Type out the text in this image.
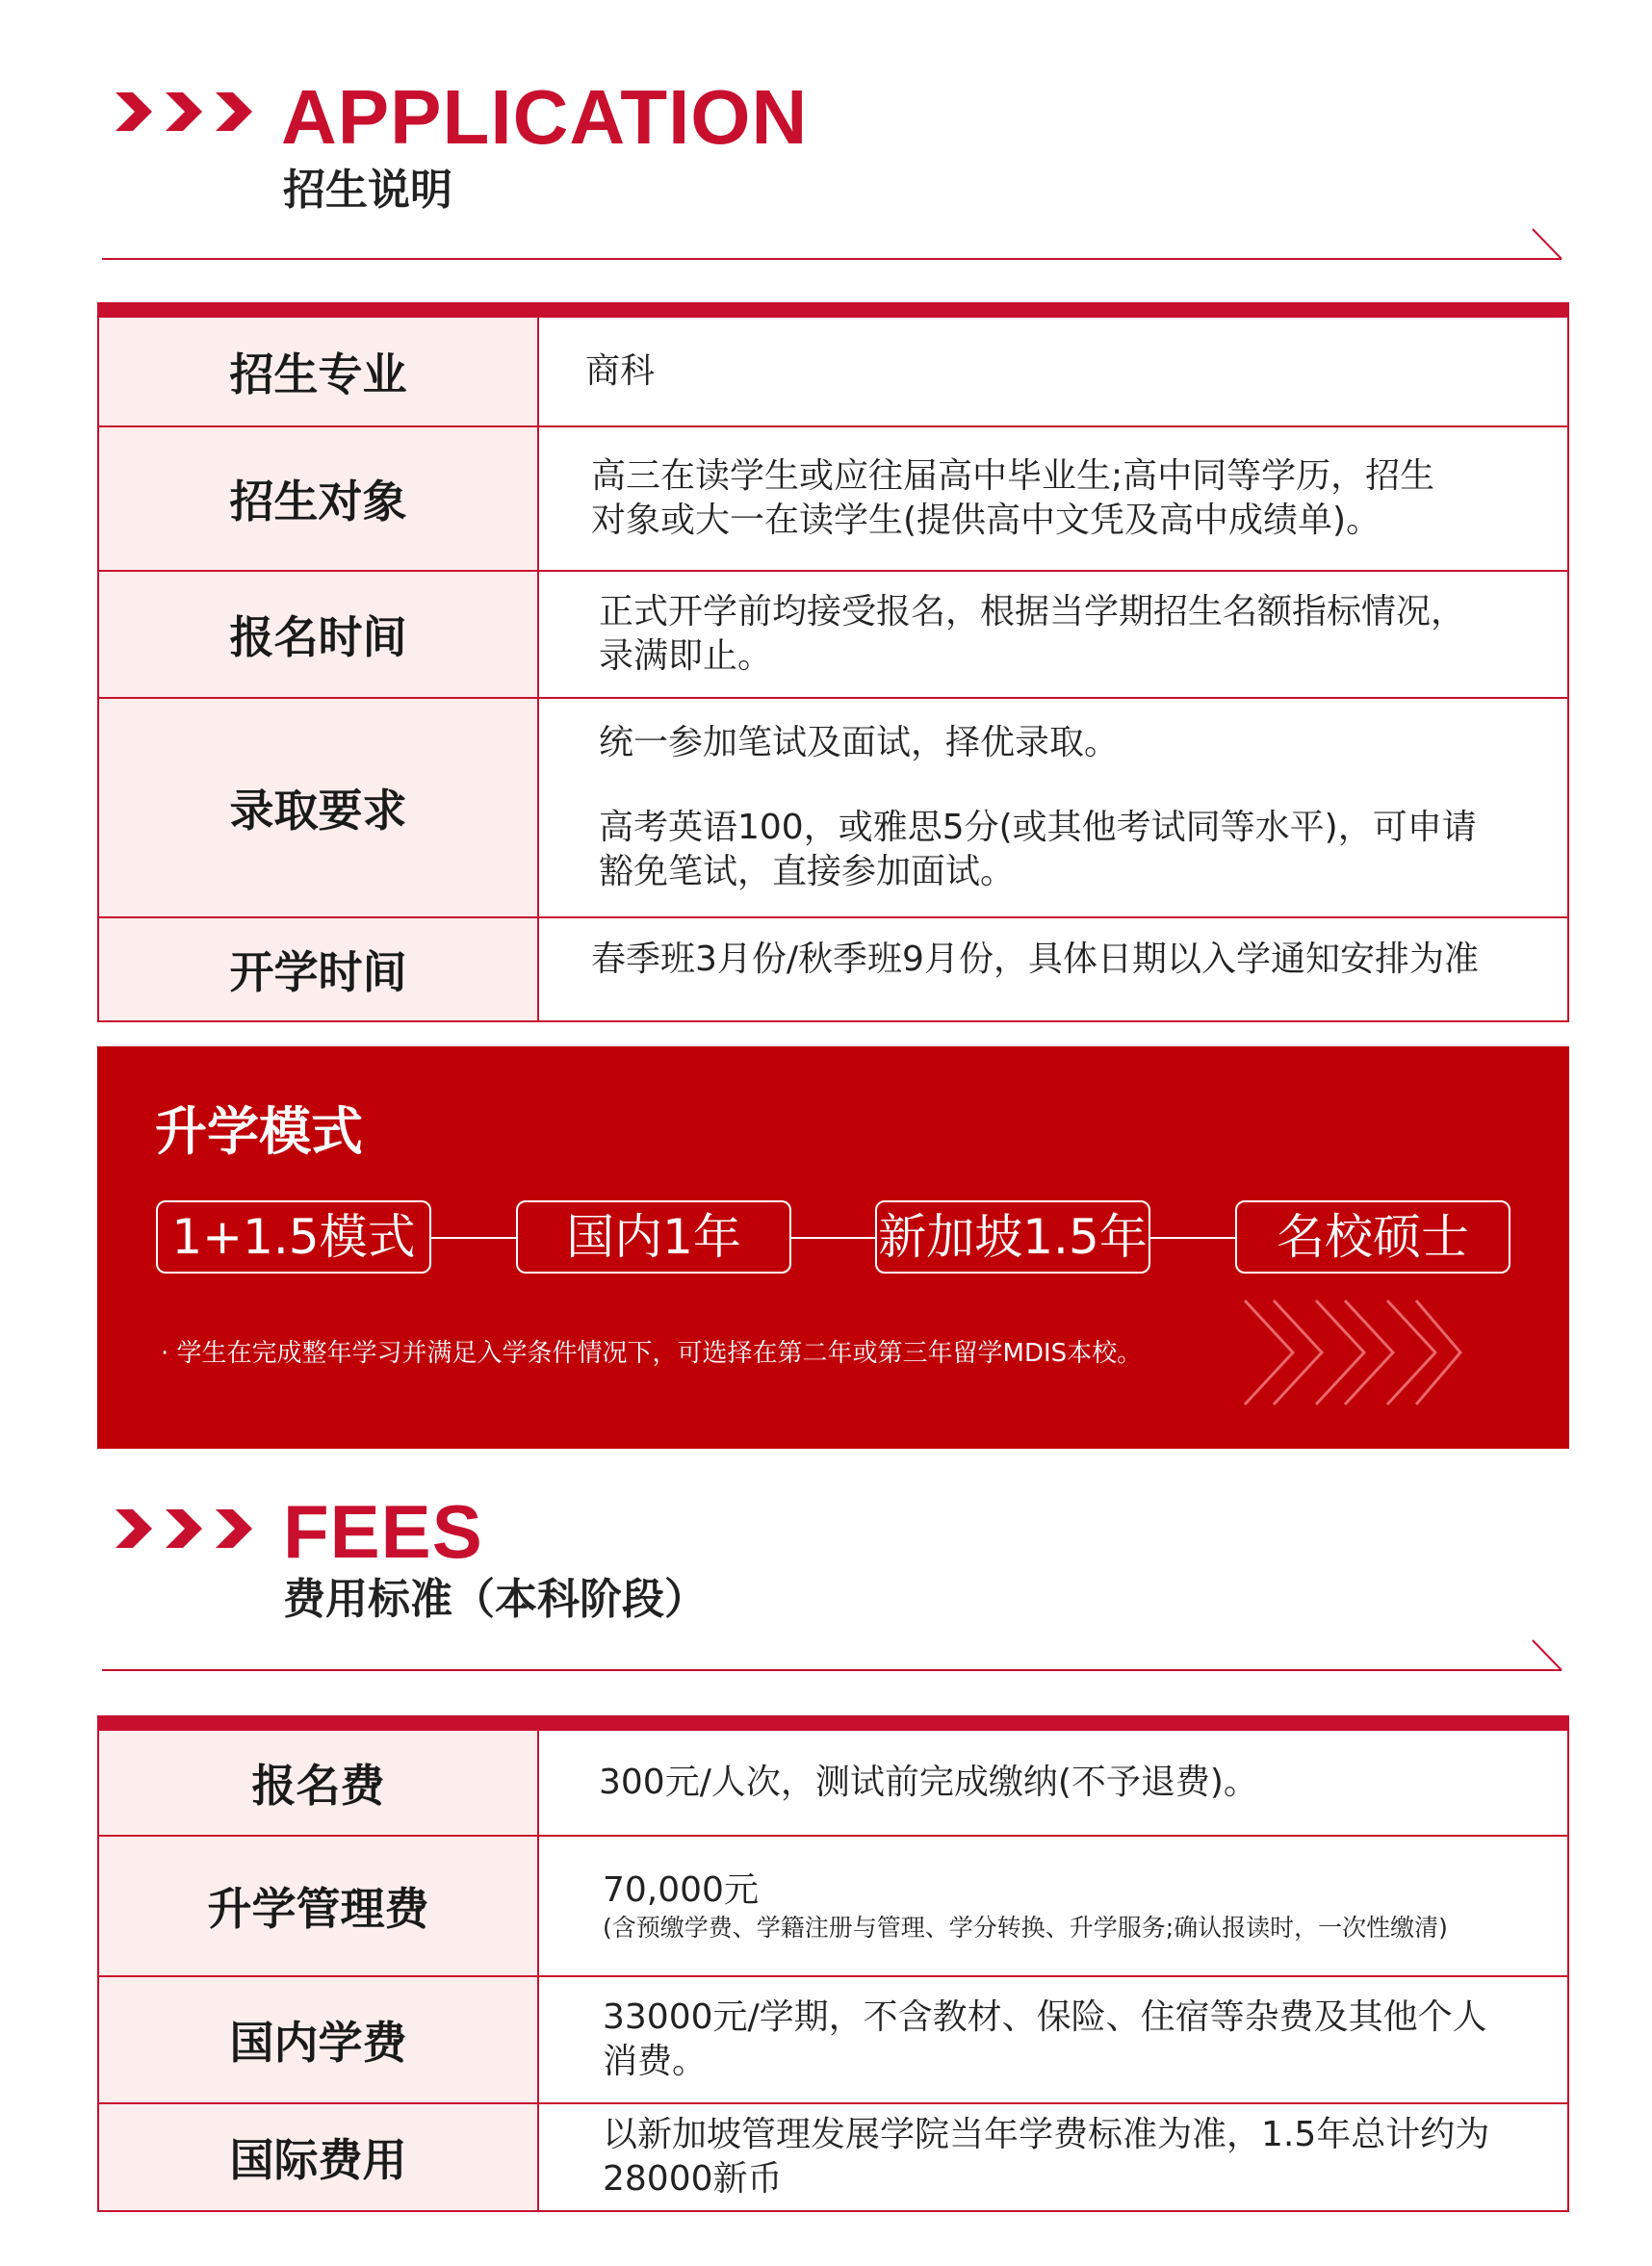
APPLICATION
招生说明
招生专业	商科

招生对象	高三在读学生或应往届高中毕业生;高中同等学历，招生
对象或大一在读学生(提供高中文凭及高中成绩单)。

报名时间	正式开学前均接受报名，根据当学期招生名额指标情况，
录满即止。

录取要求	统一参加笔试及面试，择优录取。
高考英语100，或雅思5分(或其他考试同等水平)，可申请
豁免笔试，直接参加面试。

开学时间	春季班3月份/秋季班9月份，具体日期以入学通知安排为准
升学模式
1+1.5模式	国内1年	新加坡1.5年	名校硕士
· 学生在完成整年学习并满足入学条件情况下，可选择在第二年或第三年留学MDIS本校。
FEES
费用标准（本科阶段）
报名费	300元/人次，测试前完成缴纳(不予退费)。

升学管理费	70,000元
(含预缴学费、学籍注册与管理、学分转换、升学服务;确认报读时，一次性缴清)

国内学费	33000元/学期，不含教材、保险、住宿等杂费及其他个人
消费。

国际费用	以新加坡管理发展学院当年学费标准为准，1.5年总计约为
28000新币
